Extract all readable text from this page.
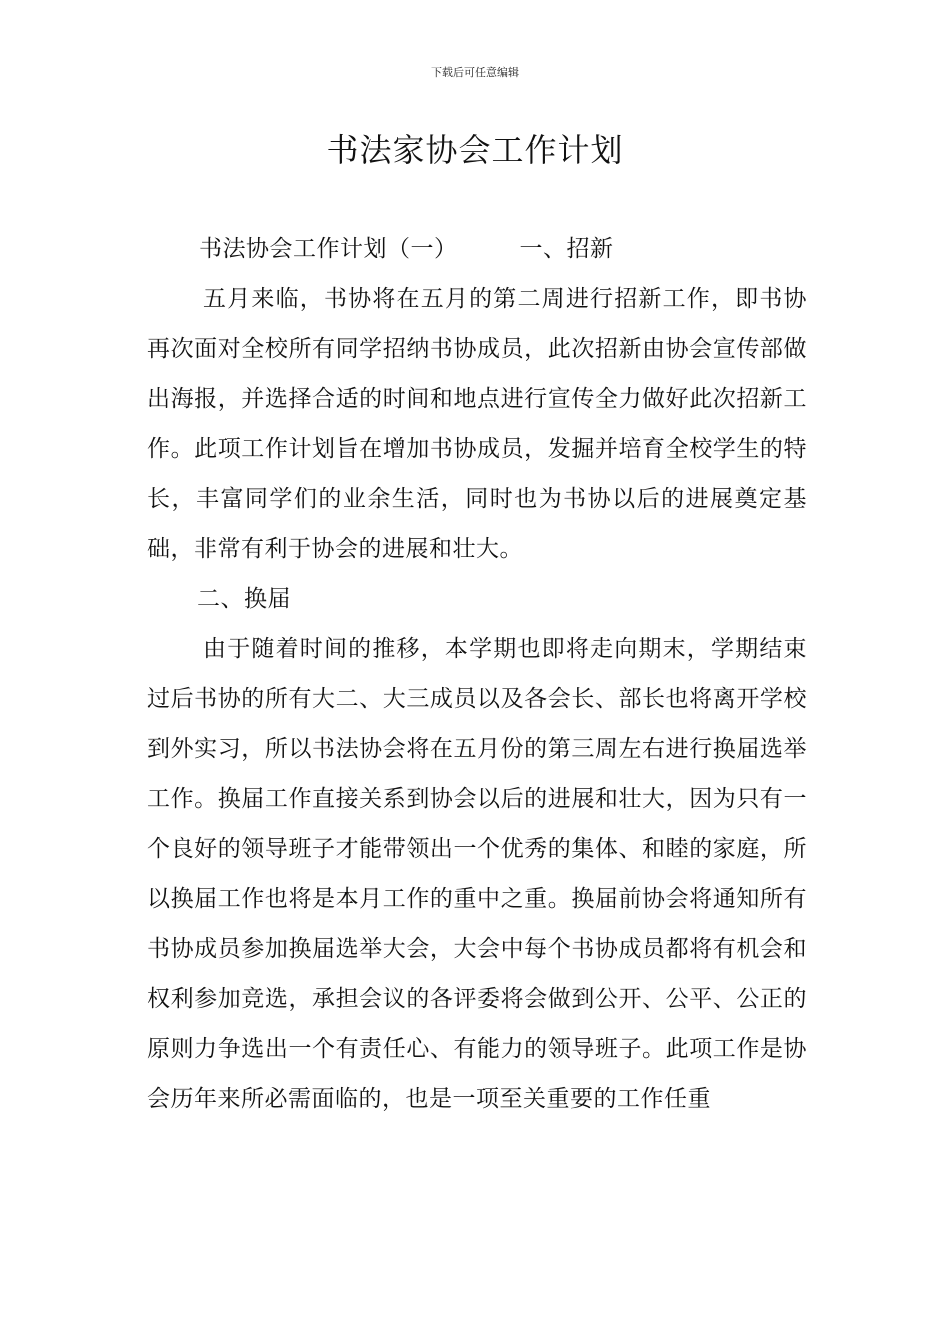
下载后可任意编辑
书法家协会工作计划

书法协会工作计划（一）	一、招新

五月来临，书协将在五月的第二周进行招新工作，即书协再次面对全校所有同学招纳书协成员，此次招新由协会宣传部做出海报，并选择合适的时间和地点进行宣传全力做好此次招新工作。此项工作计划旨在增加书协成员，发掘并培育全校学生的特长，丰富同学们的业余生活，同时也为书协以后的进展奠定基础，非常有利于协会的进展和壮大。

二、换届

由于随着时间的推移，本学期也即将走向期末，学期结束过后书协的所有大二、大三成员以及各会长、部长也将离开学校到外实习，所以书法协会将在五月份的第三周左右进行换届选举工作。换届工作直接关系到协会以后的进展和壮大，因为只有一个良好的领导班子才能带领出一个优秀的集体、和睦的家庭，所以换届工作也将是本月工作的重中之重。换届前协会将通知所有书协成员参加换届选举大会，大会中每个书协成员都将有机会和权利参加竞选，承担会议的各评委将会做到公开、公平、公正的原则力争选出一个有责任心、有能力的领导班子。此项工作是协会历年来所必需面临的，也是一项至关重要的工作任重
